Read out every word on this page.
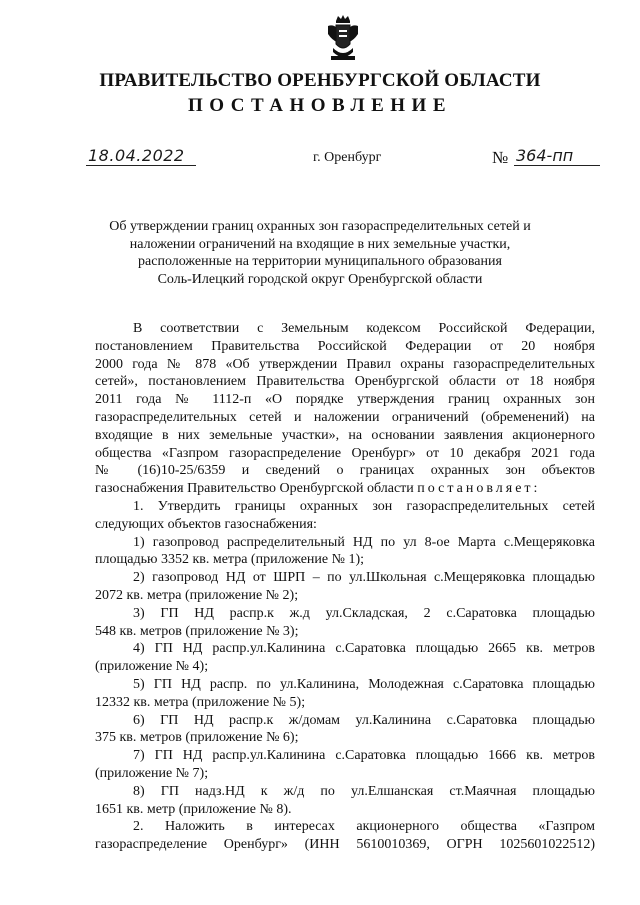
ПРАВИТЕЛЬСТВО ОРЕНБУРГСКОЙ ОБЛАСТИ
ПОСТАНОВЛЕНИЕ
18.04.2022	г. Оренбург	№ 364-пп
Об утверждении границ охранных зон газораспределительных сетей и
наложении ограничений на входящие в них земельные участки,
расположенные на территории муниципального образования
Соль-Илецкий городской округ Оренбургской области
В соответствии с Земельным кодексом Российской Федерации,
постановлением Правительства Российской Федерации от 20 ноября
2000 года № 878 «Об утверждении Правил охраны газораспределительных
сетей», постановлением Правительства Оренбургской области от 18 ноября
2011 года № 1112-п «О порядке утверждения границ охранных зон
газораспределительных сетей и наложении ограничений (обременений) на
входящие в них земельные участки», на основании заявления акционерного
общества «Газпром газораспределение Оренбург» от 10 декабря 2021 года
№ (16)10-25/6359 и сведений о границах охранных зон объектов
газоснабжения Правительство Оренбургской области постановляет:
1. Утвердить границы охранных зон газораспределительных сетей
следующих объектов газоснабжения:
1) газопровод распределительный НД по ул 8-ое Марта с.Мещеряковка
площадью 3352 кв. метра (приложение № 1);
2) газопровод НД от ШРП – по ул.Школьная с.Мещеряковка площадью
2072 кв. метра (приложение № 2);
3) ГП НД распр.к ж.д ул.Складская, 2 с.Саратовка площадью
548 кв. метров (приложение № 3);
4) ГП НД распр.ул.Калинина с.Саратовка площадью 2665 кв. метров
(приложение № 4);
5) ГП НД распр. по ул.Калинина, Молодежная с.Саратовка площадью
12332 кв. метра (приложение № 5);
6) ГП НД распр.к ж/домам ул.Калинина с.Саратовка площадью
375 кв. метров (приложение № 6);
7) ГП НД распр.ул.Калинина с.Саратовка площадью 1666 кв. метров
(приложение № 7);
8) ГП надз.НД к ж/д по ул.Елшанская ст.Маячная площадью
1651 кв. метр (приложение № 8).
2. Наложить в интересах акционерного общества «Газпром
газораспределение Оренбург» (ИНН 5610010369, ОГРН 1025601022512)
